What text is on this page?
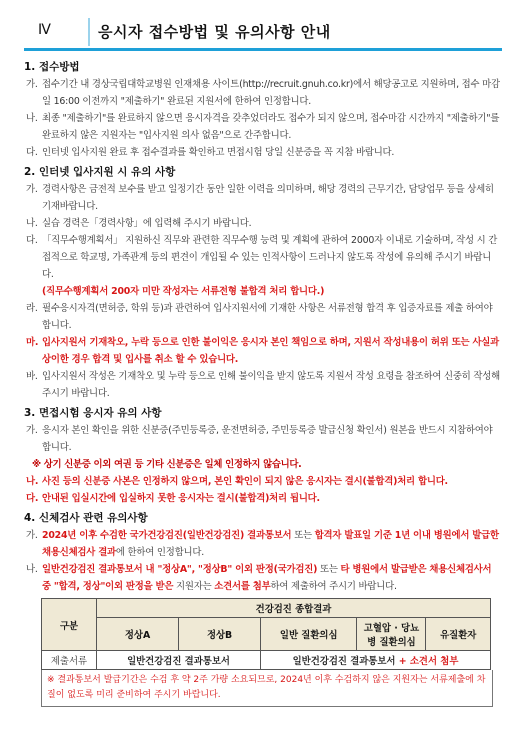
Ⅳ	응시자 접수방법 및 유의사항 안내
1. 접수방법
가. 접수기간 내 경상국립대학교병원 인재채용 사이트(http://recruit.gnuh.co.kr)에서 해당공고로 지원하며, 접수 마감일 16:00 이전까지 "제출하기" 완료된 지원서에 한하여 인정합니다.
나. 최종 "제출하기"를 완료하지 않으면 응시자격을 갖추었더라도 접수가 되지 않으며, 접수마감 시간까지 "제출하기"를 완료하지 않은 지원자는 "입사지원 의사 없음"으로 간주합니다.
다. 인터넷 입사지원 완료 후 접수결과를 확인하고 면접시험 당일 신분증을 꼭 지참 바랍니다.
2. 인터넷 입사지원 시 유의 사항
가. 경력사항은 금전적 보수를 받고 일정기간 동안 일한 이력을 의미하며, 해당 경력의 근무기간, 담당업무 등을 상세히 기재바랍니다.
나. 실습 경력은「경력사항」에 입력해 주시기 바랍니다.
다. 「직무수행계획서」 지원하신 직무와 관련한 직무수행 능력 및 계획에 관하여 2000자 이내로 기술하며, 작성 시 간접적으로 학교명, 가족관계 등의 편견이 개입될 수 있는 인적사항이 드러나지 않도록 작성에 유의해 주시기 바랍니다.
(직무수행계획서 200자 미만 작성자는 서류전형 불합격 처리 합니다.)
라. 필수응시자격(면허증, 학위 등)과 관련하여 입사지원서에 기재한 사항은 서류전형 합격 후 입증자료를 제출 하여야 합니다.
마. 입사지원서 기재착오, 누락 등으로 인한 불이익은 응시자 본인 책임으로 하며, 지원서 작성내용이 허위 또는 사실과 상이한 경우 합격 및 입사를 취소 할 수 있습니다.
바. 입사지원서 작성은 기재착오 및 누락 등으로 인해 불이익을 받지 않도록 지원서 작성 요령을 참조하여 신중히 작성해 주시기 바랍니다.
3. 면접시험 응시자 유의 사항
가. 응시자 본인 확인을 위한 신분증(주민등록증, 운전면허증, 주민등록증 발급신청 확인서) 원본을 반드시 지참하여야 합니다.
※ 상기 신분증 이외 여권 등 기타 신분증은 일체 인정하지 않습니다.
나. 사진 등의 신분증 사본은 인정하지 않으며, 본인 확인이 되지 않은 응시자는 결시(불합격)처리 합니다.
다. 안내된 입실시간에 입실하지 못한 응시자는 결시(불합격)처리 됩니다.
4. 신체검사 관련 유의사항
가. 2024년 이후 수검한 국가건강검진(일반건강검진) 결과통보서 또는 합격자 발표일 기준 1년 이내 병원에서 발급한 채용신체검사 결과에 한하여 인정합니다.
나. 일반건강검진 결과통보서 내 "정상A", "정상B" 이외 판정(국가검진) 또는 타 병원에서 발급받은 채용신체검사서 중 "합격, 정상"이외 판정을 받은 지원자는 소견서를 첨부하여 제출하여 주시기 바랍니다.
구분	건강검진 종합결과				
	정상A	정상B	일반 질환의심	고혈압 · 당뇨병 질환의심	유질환자
제출서류	일반건강검진 결과통보서		일반건강검진 결과통보서 + 소견서 첨부		
※ 결과통보서 발급기간은 수검 후 약 2주 가량 소요되므로, 2024년 이후 수검하지 않은 지원자는 서류제출에 차질이 없도록 미리 준비하여 주시기 바랍니다.
